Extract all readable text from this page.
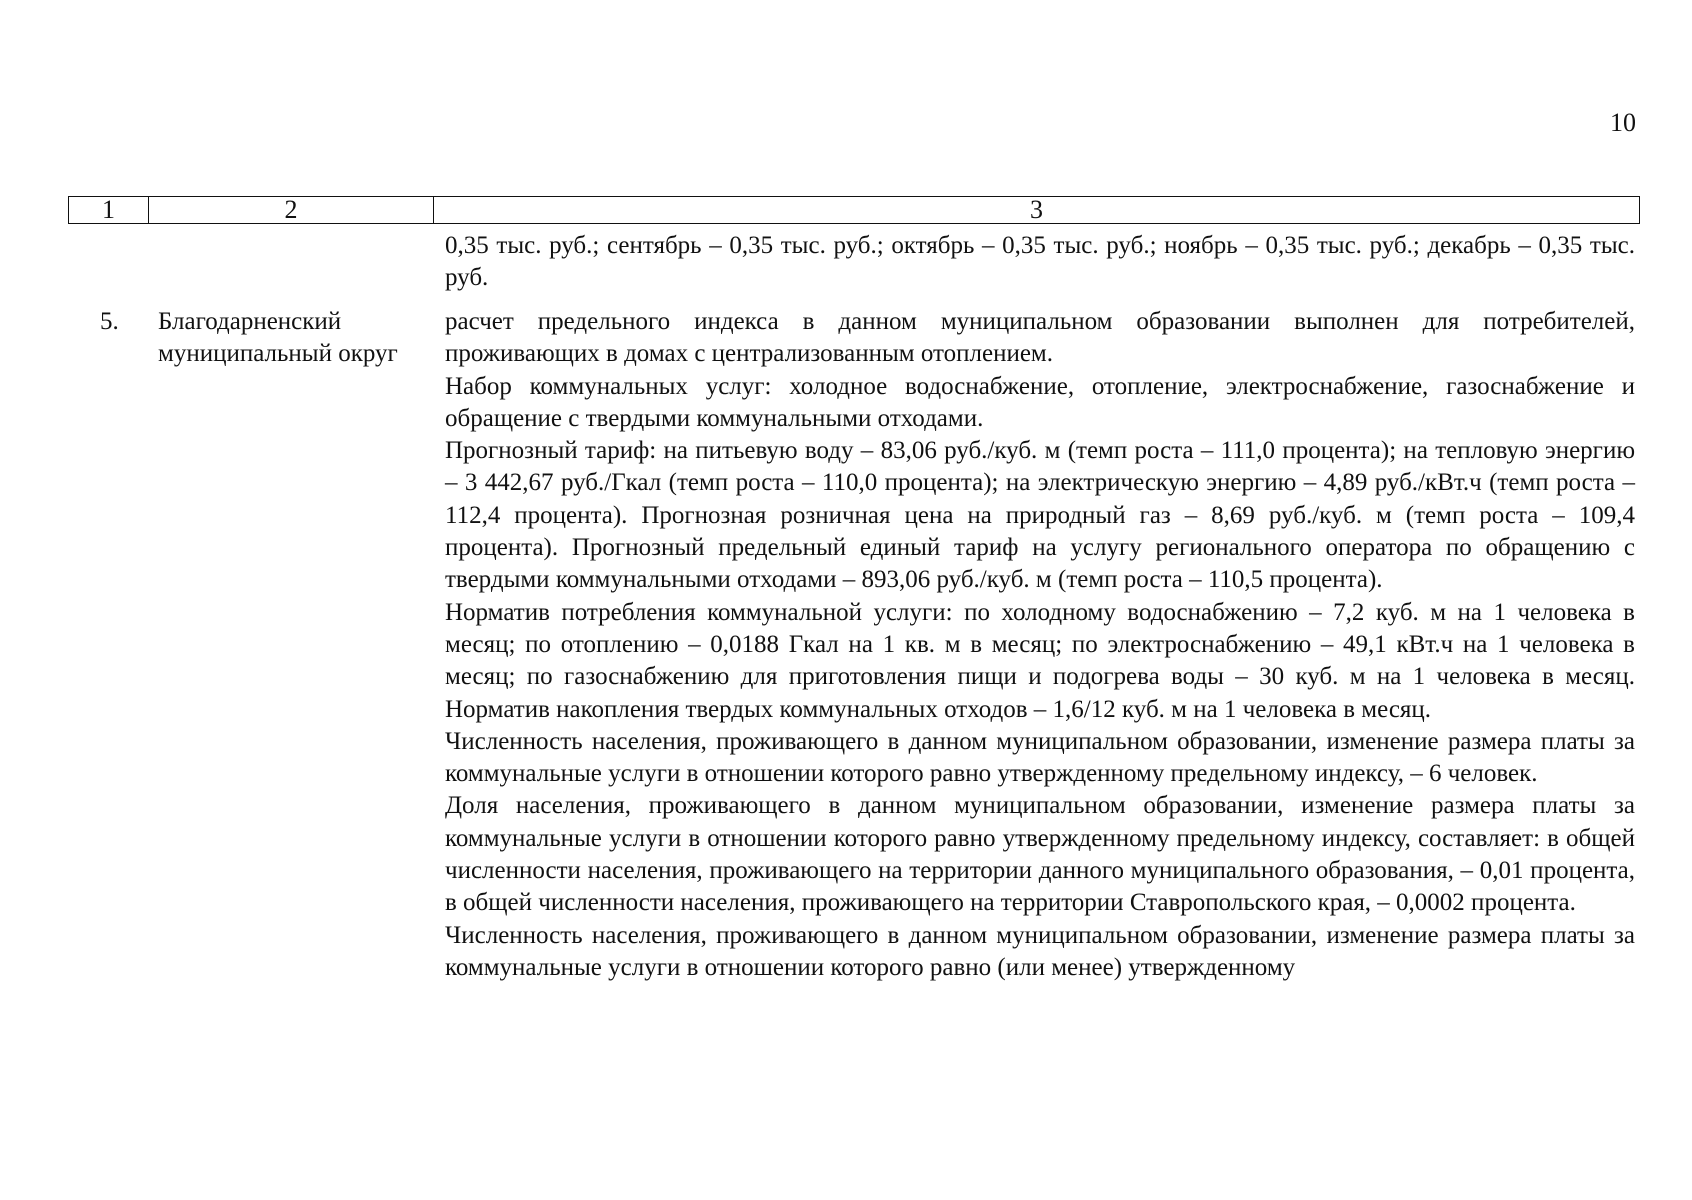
10
1	2	3

0,35 тыс. руб.; сентябрь – 0,35 тыс. руб.; октябрь – 0,35 тыс. руб.; ноябрь – 0,35 тыс. руб.; декабрь – 0,35 тыс. руб.

5. Благодарненский муниципальный округ

расчет предельного индекса в данном муниципальном образовании выполнен для потребителей, проживающих в домах с централизованным отоплением.

Набор коммунальных услуг: холодное водоснабжение, отопление, электроснабжение, газоснабжение и обращение с твердыми коммунальными отходами.

Прогнозный тариф: на питьевую воду – 83,06 руб./куб. м (темп роста – 111,0 процента); на тепловую энергию – 3 442,67 руб./Гкал (темп роста – 110,0 процента); на электрическую энергию – 4,89 руб./кВт.ч (темп роста – 112,4 процента). Прогнозная розничная цена на природный газ – 8,69 руб./куб. м (темп роста – 109,4 процента). Прогнозный предельный единый тариф на услугу регионального оператора по обращению с твердыми коммунальными отходами – 893,06 руб./куб. м (темп роста – 110,5 процента).

Норматив потребления коммунальной услуги: по холодному водоснабжению – 7,2 куб. м на 1 человека в месяц; по отоплению – 0,0188 Гкал на 1 кв. м в месяц; по электроснабжению – 49,1 кВт.ч на 1 человека в месяц; по газоснабжению для приготовления пищи и подогрева воды – 30 куб. м на 1 человека в месяц. Норматив накопления твердых коммунальных отходов – 1,6/12 куб. м на 1 человека в месяц.

Численность населения, проживающего в данном муниципальном образовании, изменение размера платы за коммунальные услуги в отношении которого равно утвержденному предельному индексу, – 6 человек.

Доля населения, проживающего в данном муниципальном образовании, изменение размера платы за коммунальные услуги в отношении которого равно утвержденному предельному индексу, составляет: в общей численности населения, проживающего на территории данного муниципального образования, – 0,01 процента, в общей численности населения, проживающего на территории Ставропольского края, – 0,0002 процента.

Численность населения, проживающего в данном муниципальном образовании, изменение размера платы за коммунальные услуги в отношении которого равно (или менее) утвержденному
